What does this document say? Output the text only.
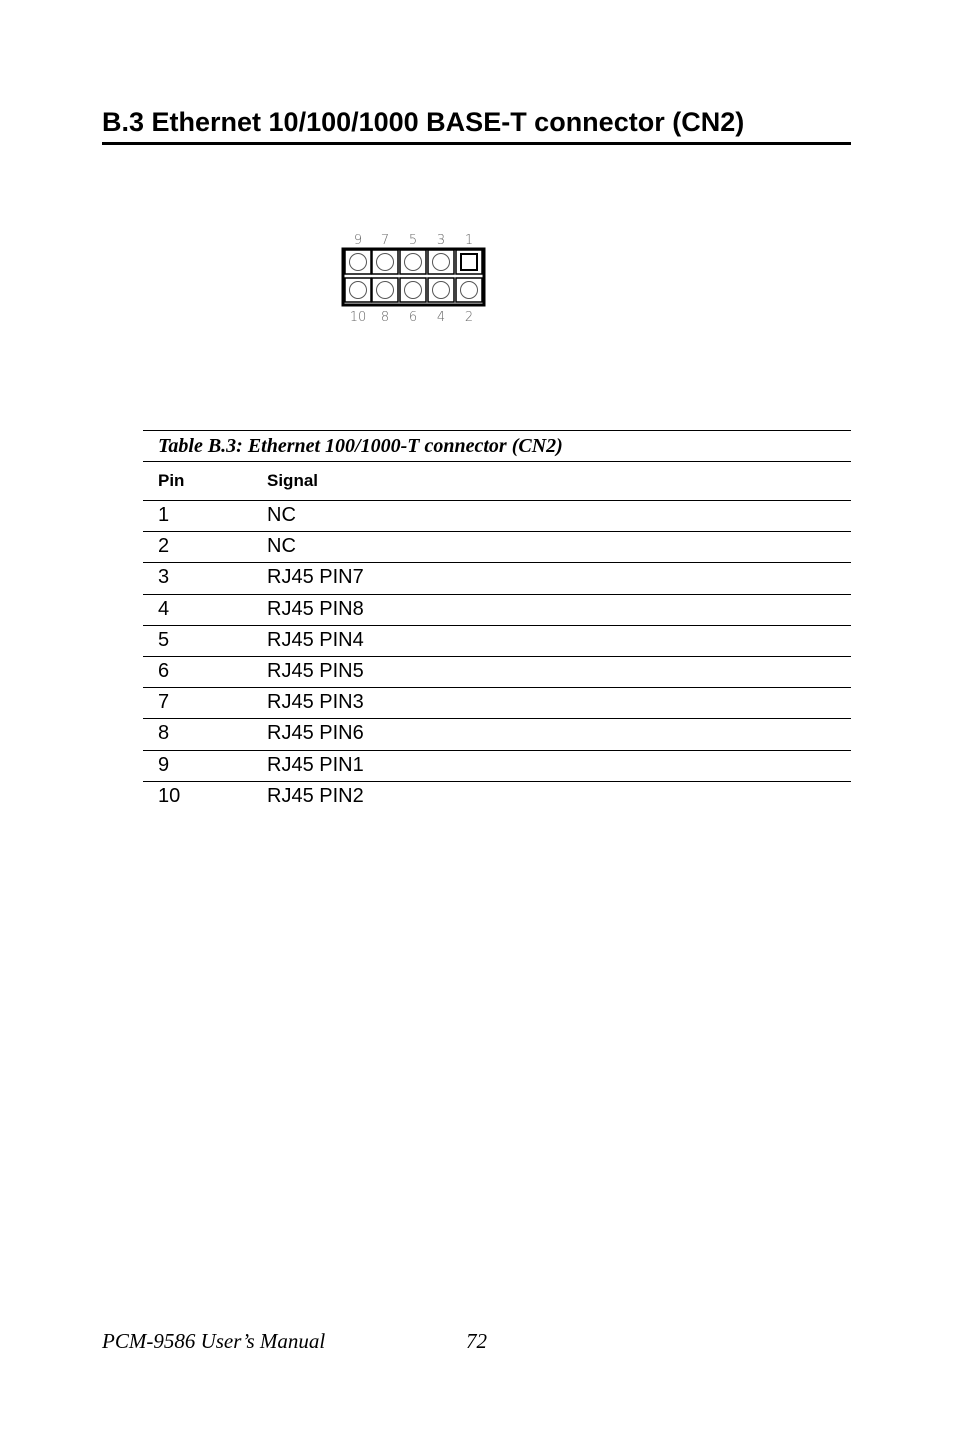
B.3 Ethernet 10/100/1000 BASE-T connector (CN2)
9 7 5 3 1
10 8 6 4 2
Table B.3: Ethernet 100/1000-T connector (CN2)
Pin	Signal
1	NC
2	NC
3	RJ45 PIN7
4	RJ45 PIN8
5	RJ45 PIN4
6	RJ45 PIN5
7	RJ45 PIN3
8	RJ45 PIN6
9	RJ45 PIN1
10	RJ45 PIN2
PCM-9586 User’s Manual	72
